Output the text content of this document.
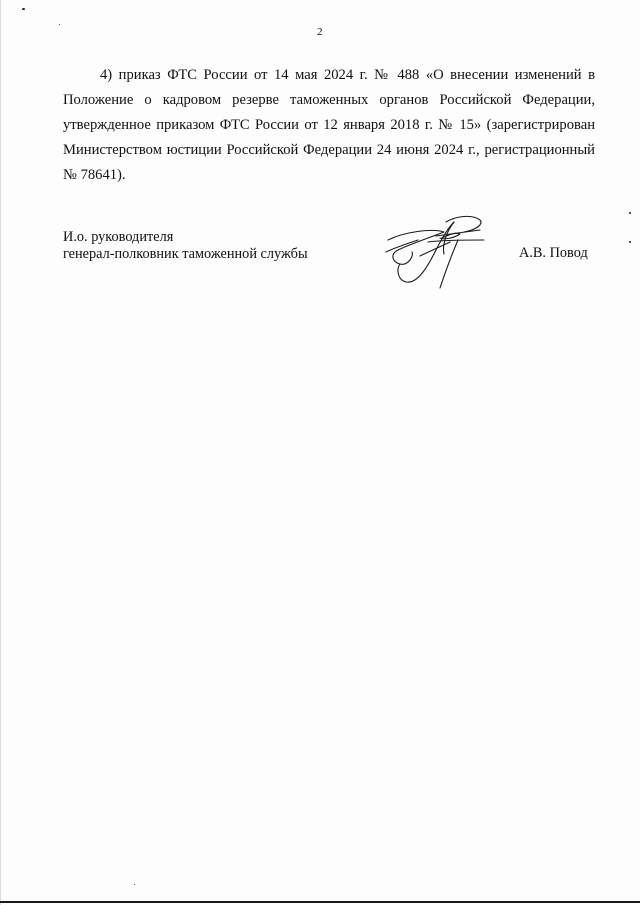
2

4) приказ ФТС России от 14 мая 2024 г. № 488 «О внесении изменений в Положение о кадровом резерве таможенных органов Российской Федерации, утвержденное приказом ФТС России от 12 января 2018 г. № 15» (зарегистрирован Министерством юстиции Российской Федерации 24 июня 2024 г., регистрационный № 78641).

И.о. руководителя
генерал-полковник таможенной службы	А.В. Повод
